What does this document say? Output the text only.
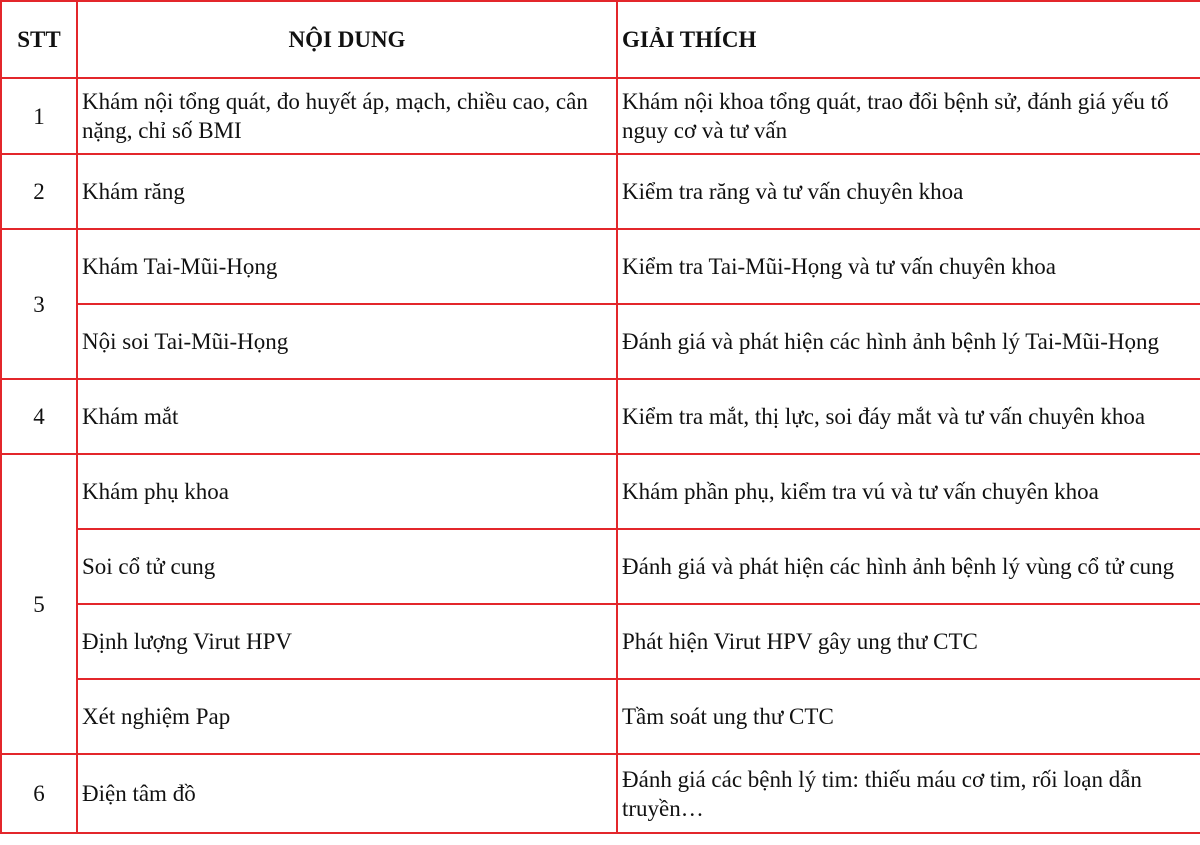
STT	NỘI DUNG	GIẢI THÍCH
1	Khám nội tổng quát, đo huyết áp, mạch, chiều cao, cân nặng, chỉ số BMI	Khám nội khoa tổng quát, trao đổi bệnh sử, đánh giá yếu tố nguy cơ và tư vấn
2	Khám răng	Kiểm tra răng và tư vấn chuyên khoa
3	Khám Tai-Mũi-Họng	Kiểm tra Tai-Mũi-Họng và tư vấn chuyên khoa
	Nội soi Tai-Mũi-Họng	Đánh giá và phát hiện các hình ảnh bệnh lý Tai-Mũi-Họng
4	Khám mắt	Kiểm tra mắt, thị lực, soi đáy mắt và tư vấn chuyên khoa
5	Khám phụ khoa	Khám phần phụ, kiểm tra vú và tư vấn chuyên khoa
	Soi cổ tử cung	Đánh giá và phát hiện các hình ảnh bệnh lý vùng cổ tử cung
	Định lượng Virut HPV	Phát hiện Virut HPV gây ung thư CTC
	Xét nghiệm Pap	Tầm soát ung thư CTC
6	Điện tâm đồ	Đánh giá các bệnh lý tim: thiếu máu cơ tim, rối loạn dẫn truyền…
